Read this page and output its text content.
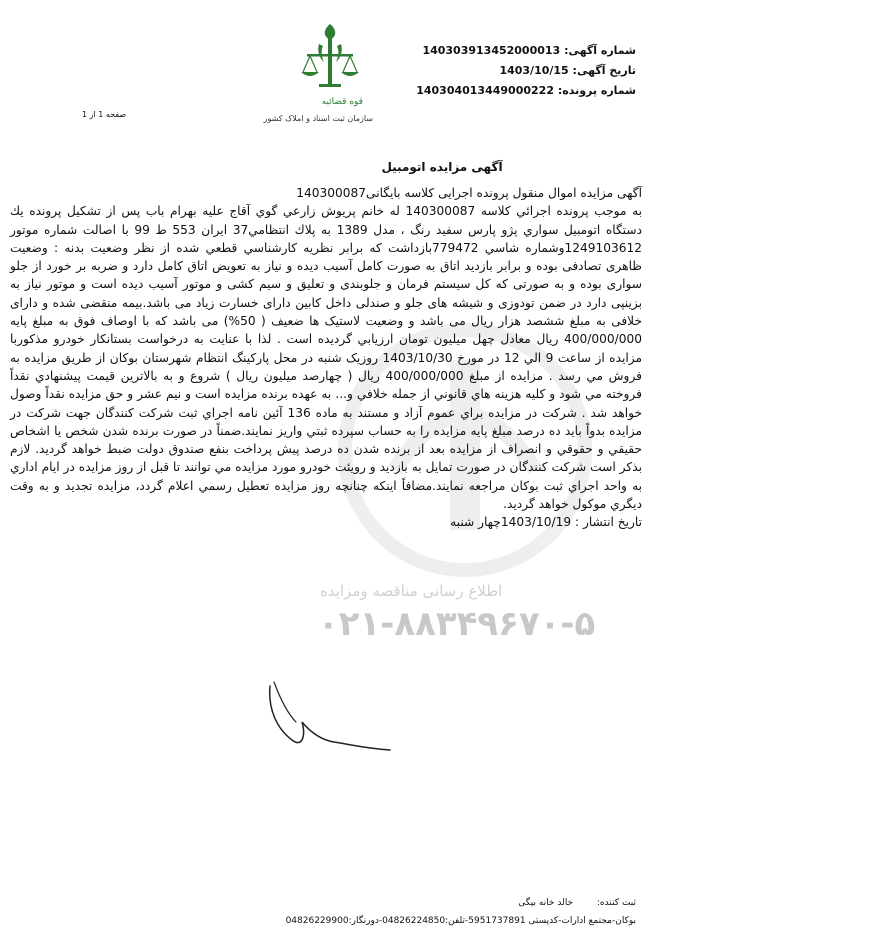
اطلاع رسانی مناقصه ومزایده
۰۲۱-۸۸۳۴۹۶۷۰-۵
قوه قضائیه
سازمان ثبت اسناد و املاک کشور
شماره آگهی: 140303913452000013
تاریخ آگهی: 1403/10/15
شماره پرونده: 140304013449000222
صفحه 1 از 1
آگهی مزایده اتومبیل

آگهی مزایده اموال منقول پرونده اجرایی کلاسه بایگانی140300087

به موجب پرونده اجرائي كلاسه 140300087 له خانم پريوش زارعي گوي آقاج عليه بهرام باب پس از تشكيل پرونده يك دستگاه اتومبيل سواري پژو پارس سفيد رنگ ، مدل 1389 به پلاك انتظامي37 ايران 553 ط 99 با اصالت شماره موتور 1249103612وشماره شاسي 779472بازداشت كه برابر نظريه كارشناسي قطعي شده از نظر وضعيت بدنه : وضعیت ظاهری تصادفی بوده و برابر بازدید اتاق به صورت کامل آسیب دیده و نیاز به تعویض اتاق کامل دارد و ضربه بر خورد از جلو سواری بوده و به صورتی که کل سیستم فرمان و جلوبندی و تعلیق و سیم کشی و موتور آسیب دیده است و موتور نیاز به بزینپی دارد در ضمن تودوزی و شیشه های جلو و صندلی داخل کابین دارای خسارت زیاد می باشد.بیمه منقضی شده و دارای خلافی به مبلغ ششصد هزار ریال می باشد و وضعیت لاستیک ها ضعیف ( 50%) می باشد که با اوصاف فوق به مبلغ پایه 400/000/000 ريال معادل چهل ميليون تومان ارزيابي گرديده است . لذا با عنايت به درخواست بستانكار خودرو مذكوربا مزايده از ساعت 9 الي 12 در مورخ 1403/10/30 روزيک شنبه در محل پاركينگ انتظام شهرستان بوكان از طريق مزايده به فروش مي رسد . مزايده از مبلغ 400/000/000 ريال ( چهارصد ميليون ريال ) شروع و به بالاترين قيمت پيشنهادي نقداً فروخته مي شود و كليه هزينه هاي قانوني از جمله خلافي و... به عهده برنده مزايده است و نيم عشر و حق مزايده نقداً وصول خواهد شد . شركت در مزايده براي عموم آزاد و مستند به ماده 136 آئين نامه اجراي ثبت شركت كنندگان جهت شركت در مزايده بدواً بايد ده درصد مبلغ پايه مزايده را به حساب سپرده ثبتي واريز نمايند.ضمناً در صورت برنده شدن شخص يا اشخاص حقيقي و حقوقي و انصراف از مزايده بعد از برنده شدن ده درصد پيش پرداخت بنفع صندوق دولت ضبط خواهد گرديد. لازم بذكر است شركت كنندگان در صورت تمايل به بازديد و رويئت خودرو مورد مزايده مي توانند تا قبل از روز مزايده در ايام اداري به واحد اجراي ثبت بوكان مراجعه نمايند.مضافاً اينكه چنانچه روز مزايده تعطيل رسمي اعلام گردد، مزايده تجديد و به وقت ديگري موكول خواهد گرديد.

تاریخ انتشار : 1403/10/19چهار شنبه

ثبت کننده: خالد خانه بیگی
بوکان-مجتمع ادارات-کدپستی 5951737891-تلفن:04826224850-دورنگار:04826229900
